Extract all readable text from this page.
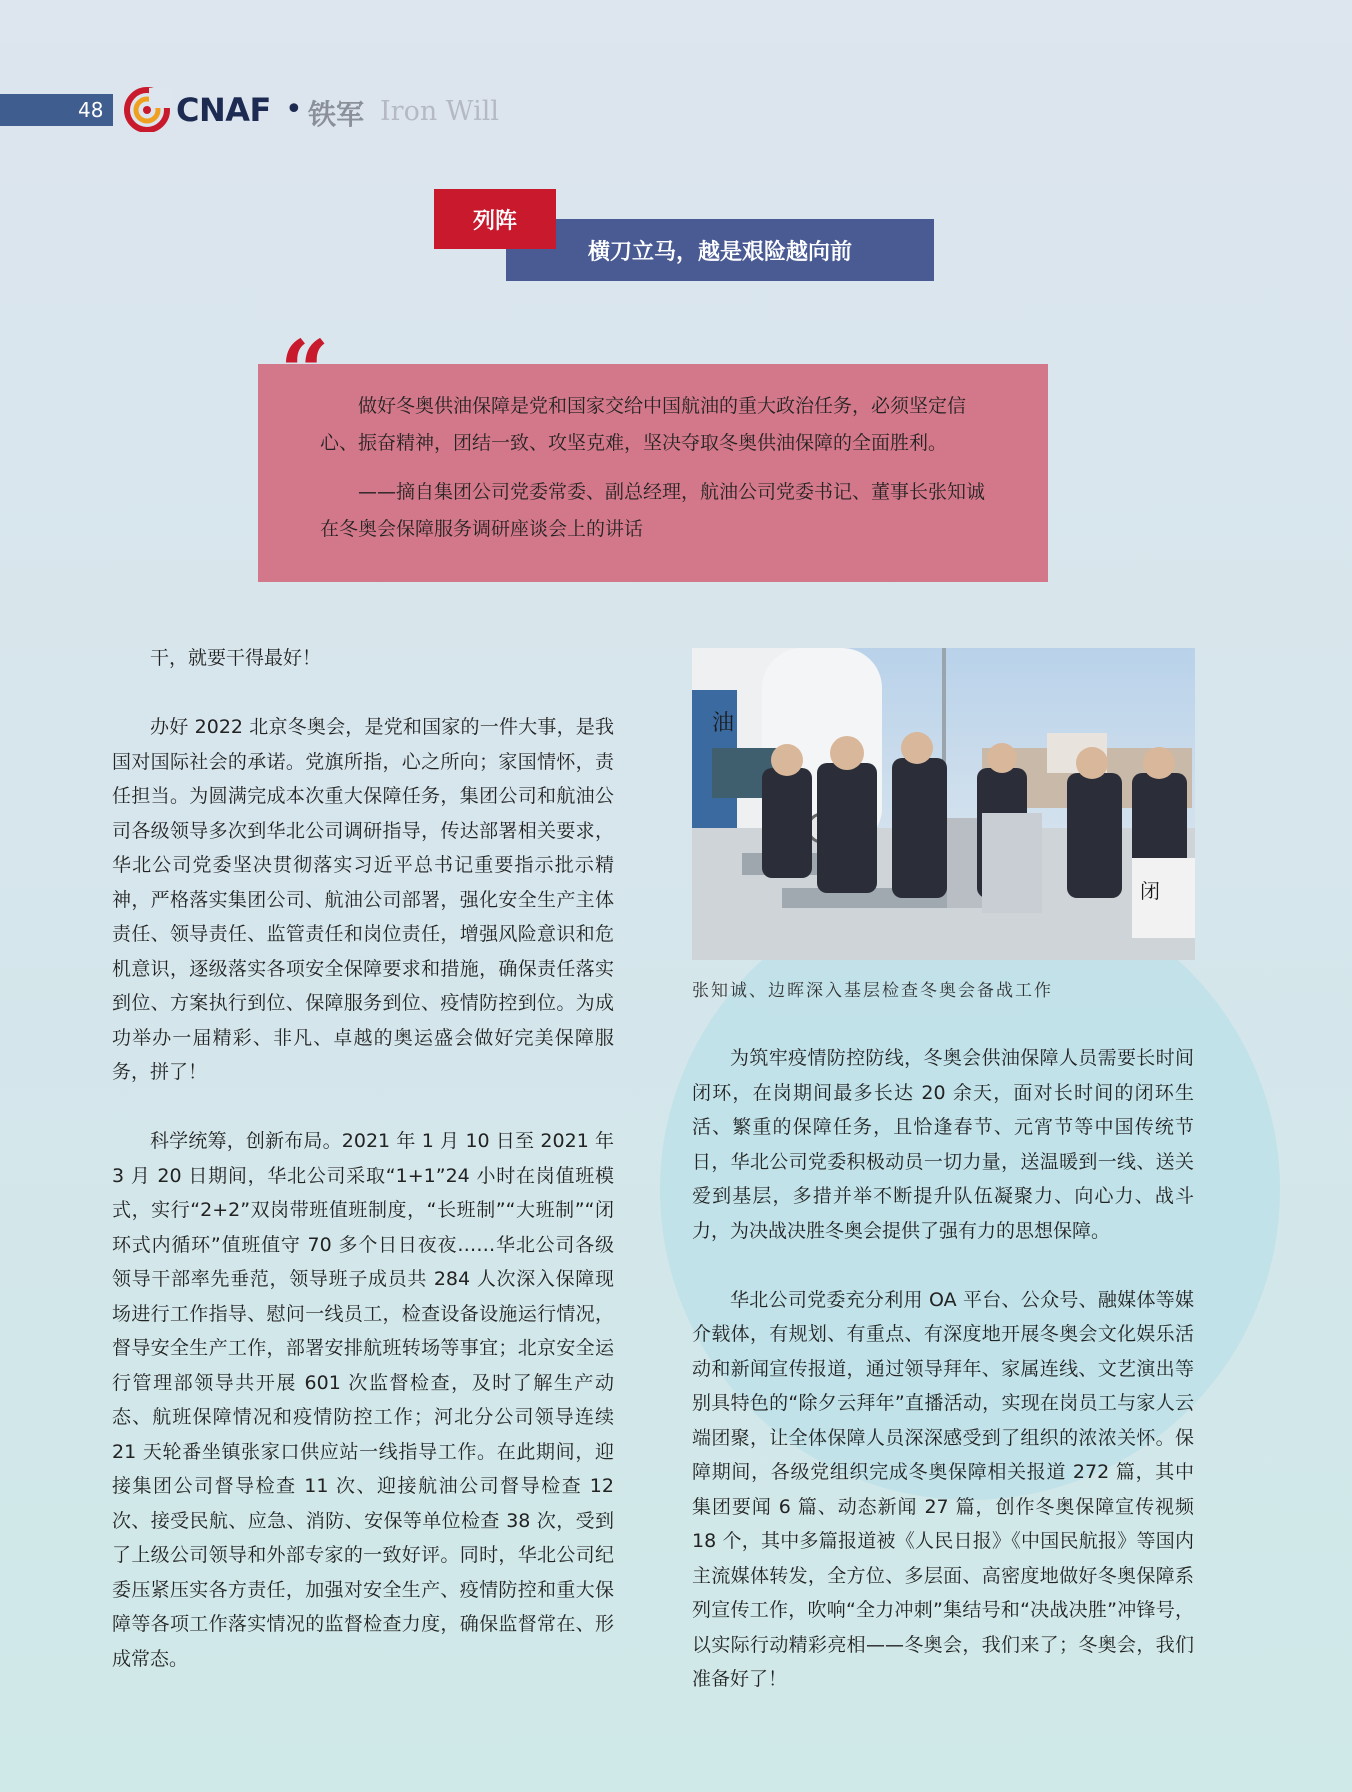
48 CNAF • 铁军 Iron Will
列阵
横刀立马，越是艰险越向前
“	做好冬奥供油保障是党和国家交给中国航油的重大政治任务，必须坚定信心、振奋精神，团结一致、攻坚克难，坚决夺取冬奥供油保障的全面胜利。

——摘自集团公司党委常委、副总经理，航油公司党委书记、董事长张知诚在冬奥会保障服务调研座谈会上的讲话

干，就要干得最好！

办好 2022 北京冬奥会，是党和国家的一件大事，是我国对国际社会的承诺。党旗所指，心之所向；家国情怀，责任担当。为圆满完成本次重大保障任务，集团公司和航油公司各级领导多次到华北公司调研指导，传达部署相关要求，华北公司党委坚决贯彻落实习近平总书记重要指示批示精神，严格落实集团公司、航油公司部署，强化安全生产主体责任、领导责任、监管责任和岗位责任，增强风险意识和危机意识，逐级落实各项安全保障要求和措施，确保责任落实到位、方案执行到位、保障服务到位、疫情防控到位。为成功举办一届精彩、非凡、卓越的奥运盛会做好完美保障服务，拼了！

科学统筹，创新布局。2021 年 1 月 10 日至 2021 年 3 月 20 日期间，华北公司采取“1+1”24 小时在岗值班模式，实行“2+2”双岗带班值班制度，“长班制”“大班制”“闭环式内循环”值班值守 70 多个日日夜夜……华北公司各级领导干部率先垂范，领导班子成员共 284 人次深入保障现场进行工作指导、慰问一线员工，检查设备设施运行情况，督导安全生产工作，部署安排航班转场等事宜；北京安全运行管理部领导共开展 601 次监督检查，及时了解生产动态、航班保障情况和疫情防控工作；河北分公司领导连续 21 天轮番坐镇张家口供应站一线指导工作。在此期间，迎接集团公司督导检查 11 次、迎接航油公司督导检查 12 次、接受民航、应急、消防、安保等单位检查 38 次，受到了上级公司领导和外部专家的一致好评。同时，华北公司纪委压紧压实各方责任，加强对安全生产、疫情防控和重大保障等各项工作落实情况的监督检查力度，确保监督常在、形成常态。

油
闭
张知诚、边晖深入基层检查冬奥会备战工作

为筑牢疫情防控防线，冬奥会供油保障人员需要长时间闭环，在岗期间最多长达 20 余天，面对长时间的闭环生活、繁重的保障任务，且恰逢春节、元宵节等中国传统节日，华北公司党委积极动员一切力量，送温暖到一线、送关爱到基层，多措并举不断提升队伍凝聚力、向心力、战斗力，为决战决胜冬奥会提供了强有力的思想保障。

华北公司党委充分利用 OA 平台、公众号、融媒体等媒介载体，有规划、有重点、有深度地开展冬奥会文化娱乐活动和新闻宣传报道，通过领导拜年、家属连线、文艺演出等别具特色的“除夕云拜年”直播活动，实现在岗员工与家人云端团聚，让全体保障人员深深感受到了组织的浓浓关怀。保障期间，各级党组织完成冬奥保障相关报道 272 篇，其中集团要闻 6 篇、动态新闻 27 篇，创作冬奥保障宣传视频 18 个，其中多篇报道被《人民日报》《中国民航报》等国内主流媒体转发，全方位、多层面、高密度地做好冬奥保障系列宣传工作，吹响“全力冲刺”集结号和“决战决胜”冲锋号，以实际行动精彩亮相——冬奥会，我们来了；冬奥会，我们准备好了！
